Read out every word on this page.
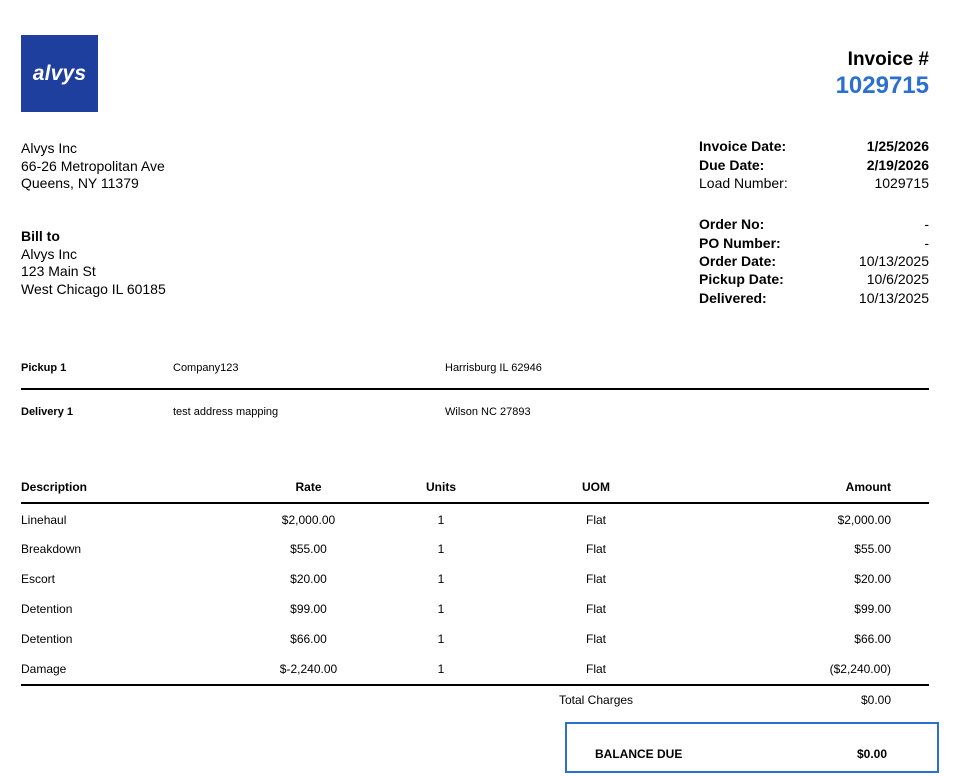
alvys
Invoice #
1029715
Alvys Inc
66-26 Metropolitan Ave
Queens, NY 11379
Bill to
Alvys Inc
123 Main St
West Chicago IL 60185
Invoice Date:	1/25/2026
Due Date:	2/19/2026
Load Number:	1029715
Order No:	-
PO Number:	-
Order Date:	10/13/2025
Pickup Date:	10/6/2025
Delivered:	10/13/2025
Pickup 1	Company123	Harrisburg IL 62946
Delivery 1	test address mapping	Wilson NC 27893
Description	Rate	Units	UOM	Amount
Linehaul	$2,000.00	1	Flat	$2,000.00
Breakdown	$55.00	1	Flat	$55.00
Escort	$20.00	1	Flat	$20.00
Detention	$99.00	1	Flat	$99.00
Detention	$66.00	1	Flat	$66.00
Damage	$-2,240.00	1	Flat	($2,240.00)
Total Charges	$0.00
BALANCE DUE	$0.00
